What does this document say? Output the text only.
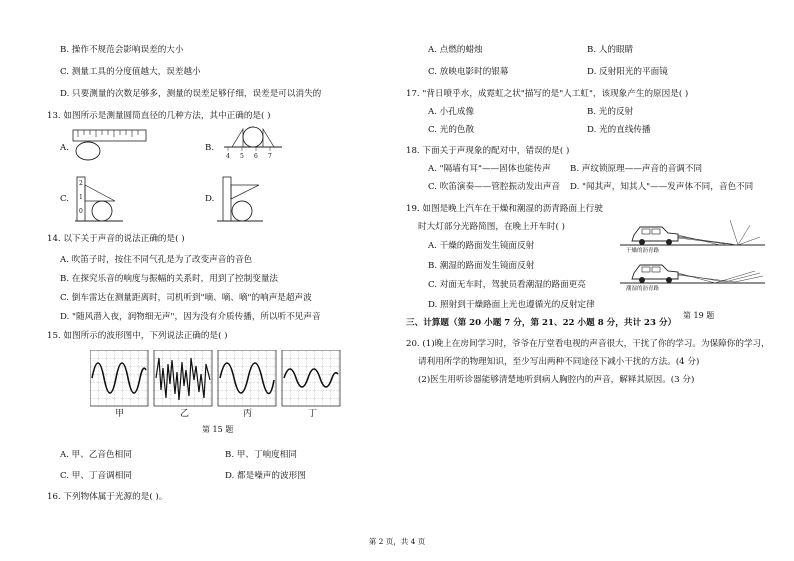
B. 操作不规范会影响误差的大小
C. 测量工具的分度值越大，误差越小
D. 只要测量的次数足够多，测量的误差足够仔细，误差是可以消失的
13. 如图所示是测量圆筒直径的几种方法，其中正确的是( )
A.	B.
4 5 6 7
C.
2
1
0
D.
14. 以下关于声音的说法正确的是( )
A. 吹笛子时，按住不同气孔是为了改变声音的音色
B. 在探究乐音的响度与振幅的关系时，用到了控制变量法
C. 倒车雷达在测量距离时，司机听到"嘀、嘀、嘀"的响声是超声波
D. "随风潜入夜，润物细无声"，因为没有介质传播，所以听不见声音
15. 如图所示的波形图中，下列说法正确的是( )
甲	乙	丙	丁
第 15 题
A. 甲、乙音色相同	B. 甲、丁响度相同
C. 甲、丁音调相同	D. 都是噪声的波形图
16. 下列物体属于光源的是( )。
A. 点燃的蜡烛	B. 人的眼睛
C. 放映电影时的银幕	D. 反射阳光的平面镜
17. "背日喷乎水，成霓虹之状"描写的是"人工虹"，该现象产生的原因是( )
A. 小孔成像	B. 光的反射
C. 光的色散	D. 光的直线传播
18. 下面关于声现象的配对中，错误的是( )
A. "隔墙有耳"——固体也能传声 B. 声纹锁原理——声音的音调不同
C. 吹笛演奏——管腔振动发出声音 D. "闻其声，知其人"——发声体不同，音色不同
19. 如图是晚上汽车在干燥和潮湿的沥青路面上行驶
时大灯部分光路简图，在晚上开车时( )
A. 干燥的路面发生镜面反射
B. 潮湿的路面发生镜面反射
C. 对面无车时，驾驶员看潮湿的路面更亮
D. 照射到干燥路面上光也遵循光的反射定律
干燥的沥青路
潮湿的沥青路
第 19 题
三、计算题（第 20 小题 7 分，第 21、22 小题 8 分，共计 23 分）
20. (1)晚上在房间学习时，爷爷在厅堂看电视的声音很大，干扰了你的学习。为保障你的学习，
请利用所学的物理知识，至少写出两种不同途径下减小干扰的方法。(4 分)
(2)医生用听诊器能够清楚地听到病人胸腔内的声音，解释其原因。(3 分)
第 2 页，共 4 页
